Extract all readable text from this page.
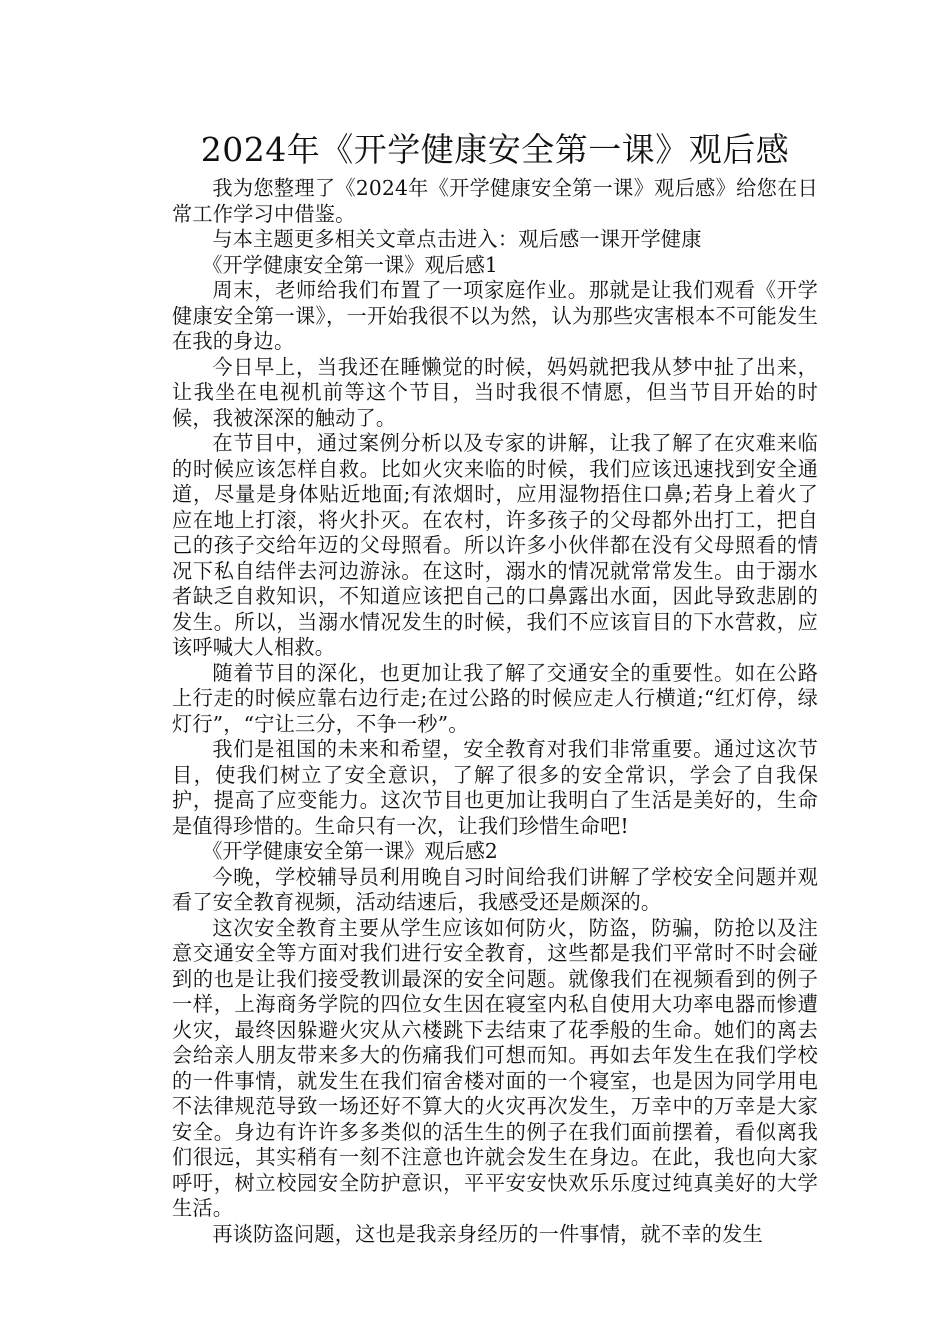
2024年《开学健康安全第一课》观后感

我为您整理了《2024年《开学健康安全第一课》观后感》给您在日常工作学习中借鉴。

与本主题更多相关文章点击进入：观后感一课开学健康

《开学健康安全第一课》观后感1

周末，老师给我们布置了一项家庭作业。那就是让我们观看《开学健康安全第一课》，一开始我很不以为然，认为那些灾害根本不可能发生在我的身边。

今日早上，当我还在睡懒觉的时候，妈妈就把我从梦中扯了出来，让我坐在电视机前等这个节目，当时我很不情愿，但当节目开始的时候，我被深深的触动了。

在节目中，通过案例分析以及专家的讲解，让我了解了在灾难来临的时候应该怎样自救。比如火灾来临的时候，我们应该迅速找到安全通道，尽量是身体贴近地面;有浓烟时，应用湿物捂住口鼻;若身上着火了应在地上打滚，将火扑灭。在农村，许多孩子的父母都外出打工，把自己的孩子交给年迈的父母照看。所以许多小伙伴都在没有父母照看的情况下私自结伴去河边游泳。在这时，溺水的情况就常常发生。由于溺水者缺乏自救知识，不知道应该把自己的口鼻露出水面，因此导致悲剧的发生。所以，当溺水情况发生的时候，我们不应该盲目的下水营救，应该呼喊大人相救。

随着节目的深化，也更加让我了解了交通安全的重要性。如在公路上行走的时候应靠右边行走;在过公路的时候应走人行横道;“红灯停，绿灯行”，“宁让三分，不争一秒”。

我们是祖国的未来和希望，安全教育对我们非常重要。通过这次节目，使我们树立了安全意识，了解了很多的安全常识，学会了自我保护，提高了应变能力。这次节目也更加让我明白了生活是美好的，生命是值得珍惜的。生命只有一次，让我们珍惜生命吧!

《开学健康安全第一课》观后感2

今晚，学校辅导员利用晚自习时间给我们讲解了学校安全问题并观看了安全教育视频，活动结速后，我感受还是颇深的。

这次安全教育主要从学生应该如何防火，防盗，防骗，防抢以及注意交通安全等方面对我们进行安全教育，这些都是我们平常时不时会碰到的也是让我们接受教训最深的安全问题。就像我们在视频看到的例子一样，上海商务学院的四位女生因在寝室内私自使用大功率电器而惨遭火灾，最终因躲避火灾从六楼跳下去结束了花季般的生命。她们的离去会给亲人朋友带来多大的伤痛我们可想而知。再如去年发生在我们学校的一件事情，就发生在我们宿舍楼对面的一个寝室，也是因为同学用电不法律规范导致一场还好不算大的火灾再次发生，万幸中的万幸是大家安全。身边有许许多多类似的活生生的例子在我们面前摆着，看似离我们很远，其实稍有一刻不注意也许就会发生在身边。在此，我也向大家呼吁，树立校园安全防护意识，平平安安快欢乐乐度过纯真美好的大学生活。

再谈防盗问题，这也是我亲身经历的一件事情，就不幸的发生
